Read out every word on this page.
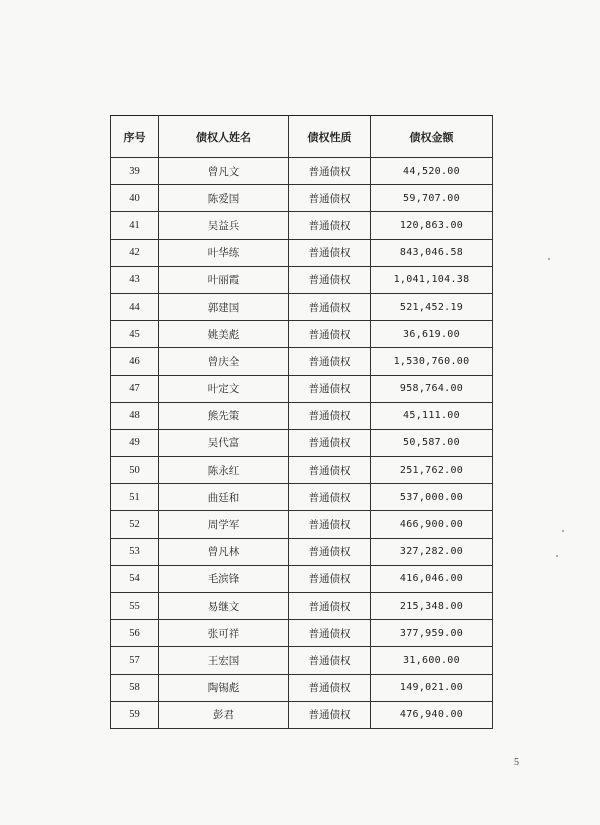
序号	债权人姓名	债权性质	债权金额
39	曾凡文	普通债权	44,520.00
40	陈爱国	普通债权	59,707.00
41	吴益兵	普通债权	120,863.00
42	叶华练	普通债权	843,046.58
43	叶丽霞	普通债权	1,041,104.38
44	郭建国	普通债权	521,452.19
45	姚美彪	普通债权	36,619.00
46	曾庆全	普通债权	1,530,760.00
47	叶定文	普通债权	958,764.00
48	熊先策	普通债权	45,111.00
49	吴代富	普通债权	50,587.00
50	陈永红	普通债权	251,762.00
51	曲廷和	普通债权	537,000.00
52	周学军	普通债权	466,900.00
53	曾凡林	普通债权	327,282.00
54	毛滨锋	普通债权	416,046.00
55	易继文	普通债权	215,348.00
56	张可祥	普通债权	377,959.00
57	王宏国	普通债权	31,600.00
58	陶锡彪	普通债权	149,021.00
59	彭君	普通债权	476,940.00
5
